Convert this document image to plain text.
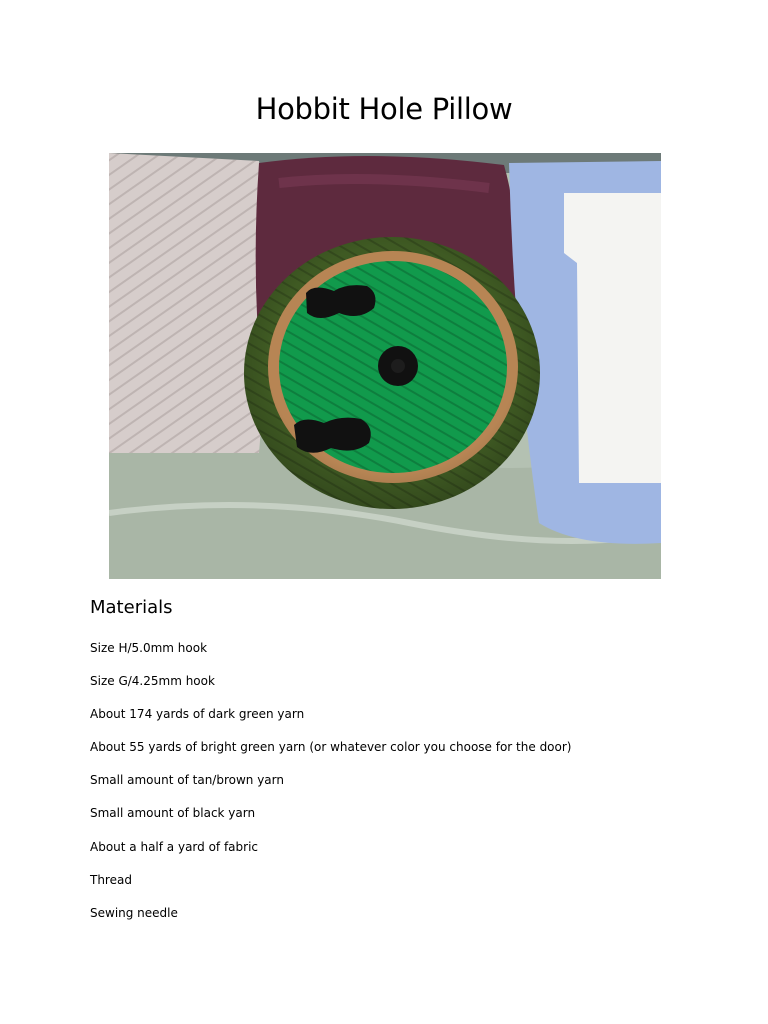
Hobbit Hole Pillow
Materials
Size H/5.0mm hook
Size G/4.25mm hook
About 174 yards of dark green yarn
About 55 yards of bright green yarn (or whatever color you choose for the door)
Small amount of tan/brown yarn
Small amount of black yarn
About a half a yard of fabric
Thread
Sewing needle
